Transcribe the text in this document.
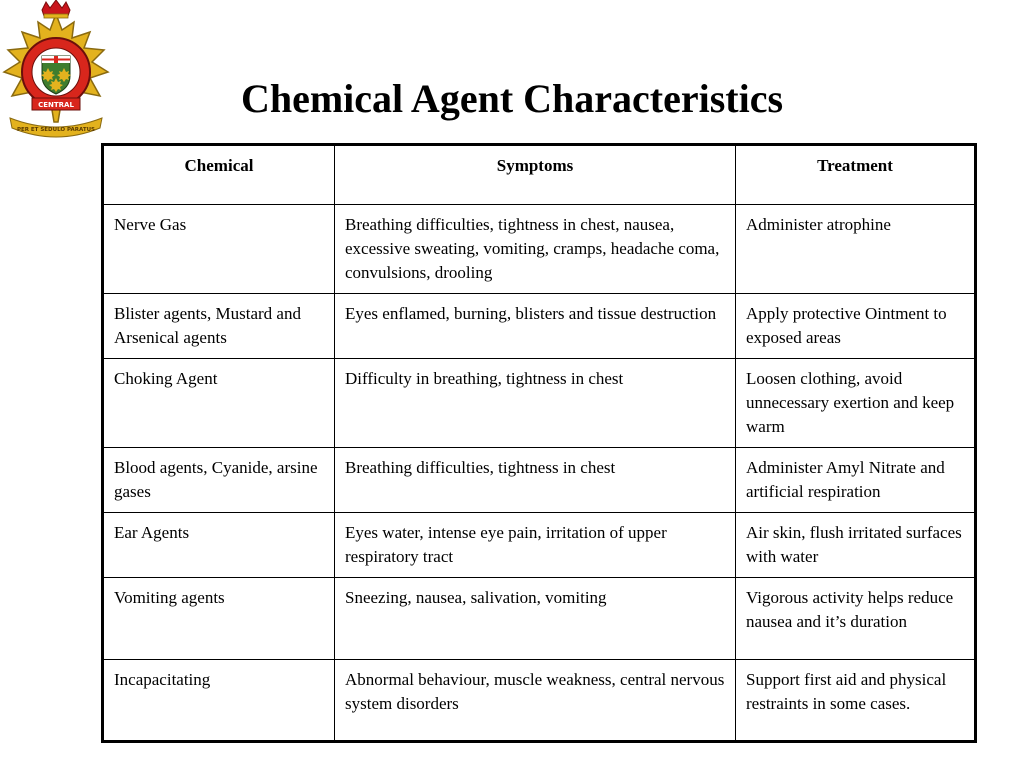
CENTRAL
PER ET SEDULO PARATUS
Chemical Agent Characteristics
Chemical	Symptoms	Treatment
Nerve Gas	Breathing difficulties, tightness in chest, nausea, excessive sweating, vomiting, cramps, headache coma, convulsions, drooling	Administer atrophine
Blister agents, Mustard and Arsenical agents	Eyes enflamed, burning, blisters and tissue destruction	Apply protective Ointment to exposed areas
Choking Agent	Difficulty in breathing, tightness in chest	Loosen clothing, avoid unnecessary exertion and keep warm
Blood agents, Cyanide, arsine gases	Breathing difficulties, tightness in chest	Administer Amyl Nitrate and artificial respiration
Ear Agents	Eyes water, intense eye pain, irritation of upper respiratory tract	Air skin, flush irritated surfaces with water
Vomiting agents	Sneezing, nausea, salivation, vomiting	Vigorous activity helps reduce nausea and it’s duration
Incapacitating	Abnormal behaviour, muscle weakness, central nervous system disorders	Support first aid and physical restraints in some cases.
